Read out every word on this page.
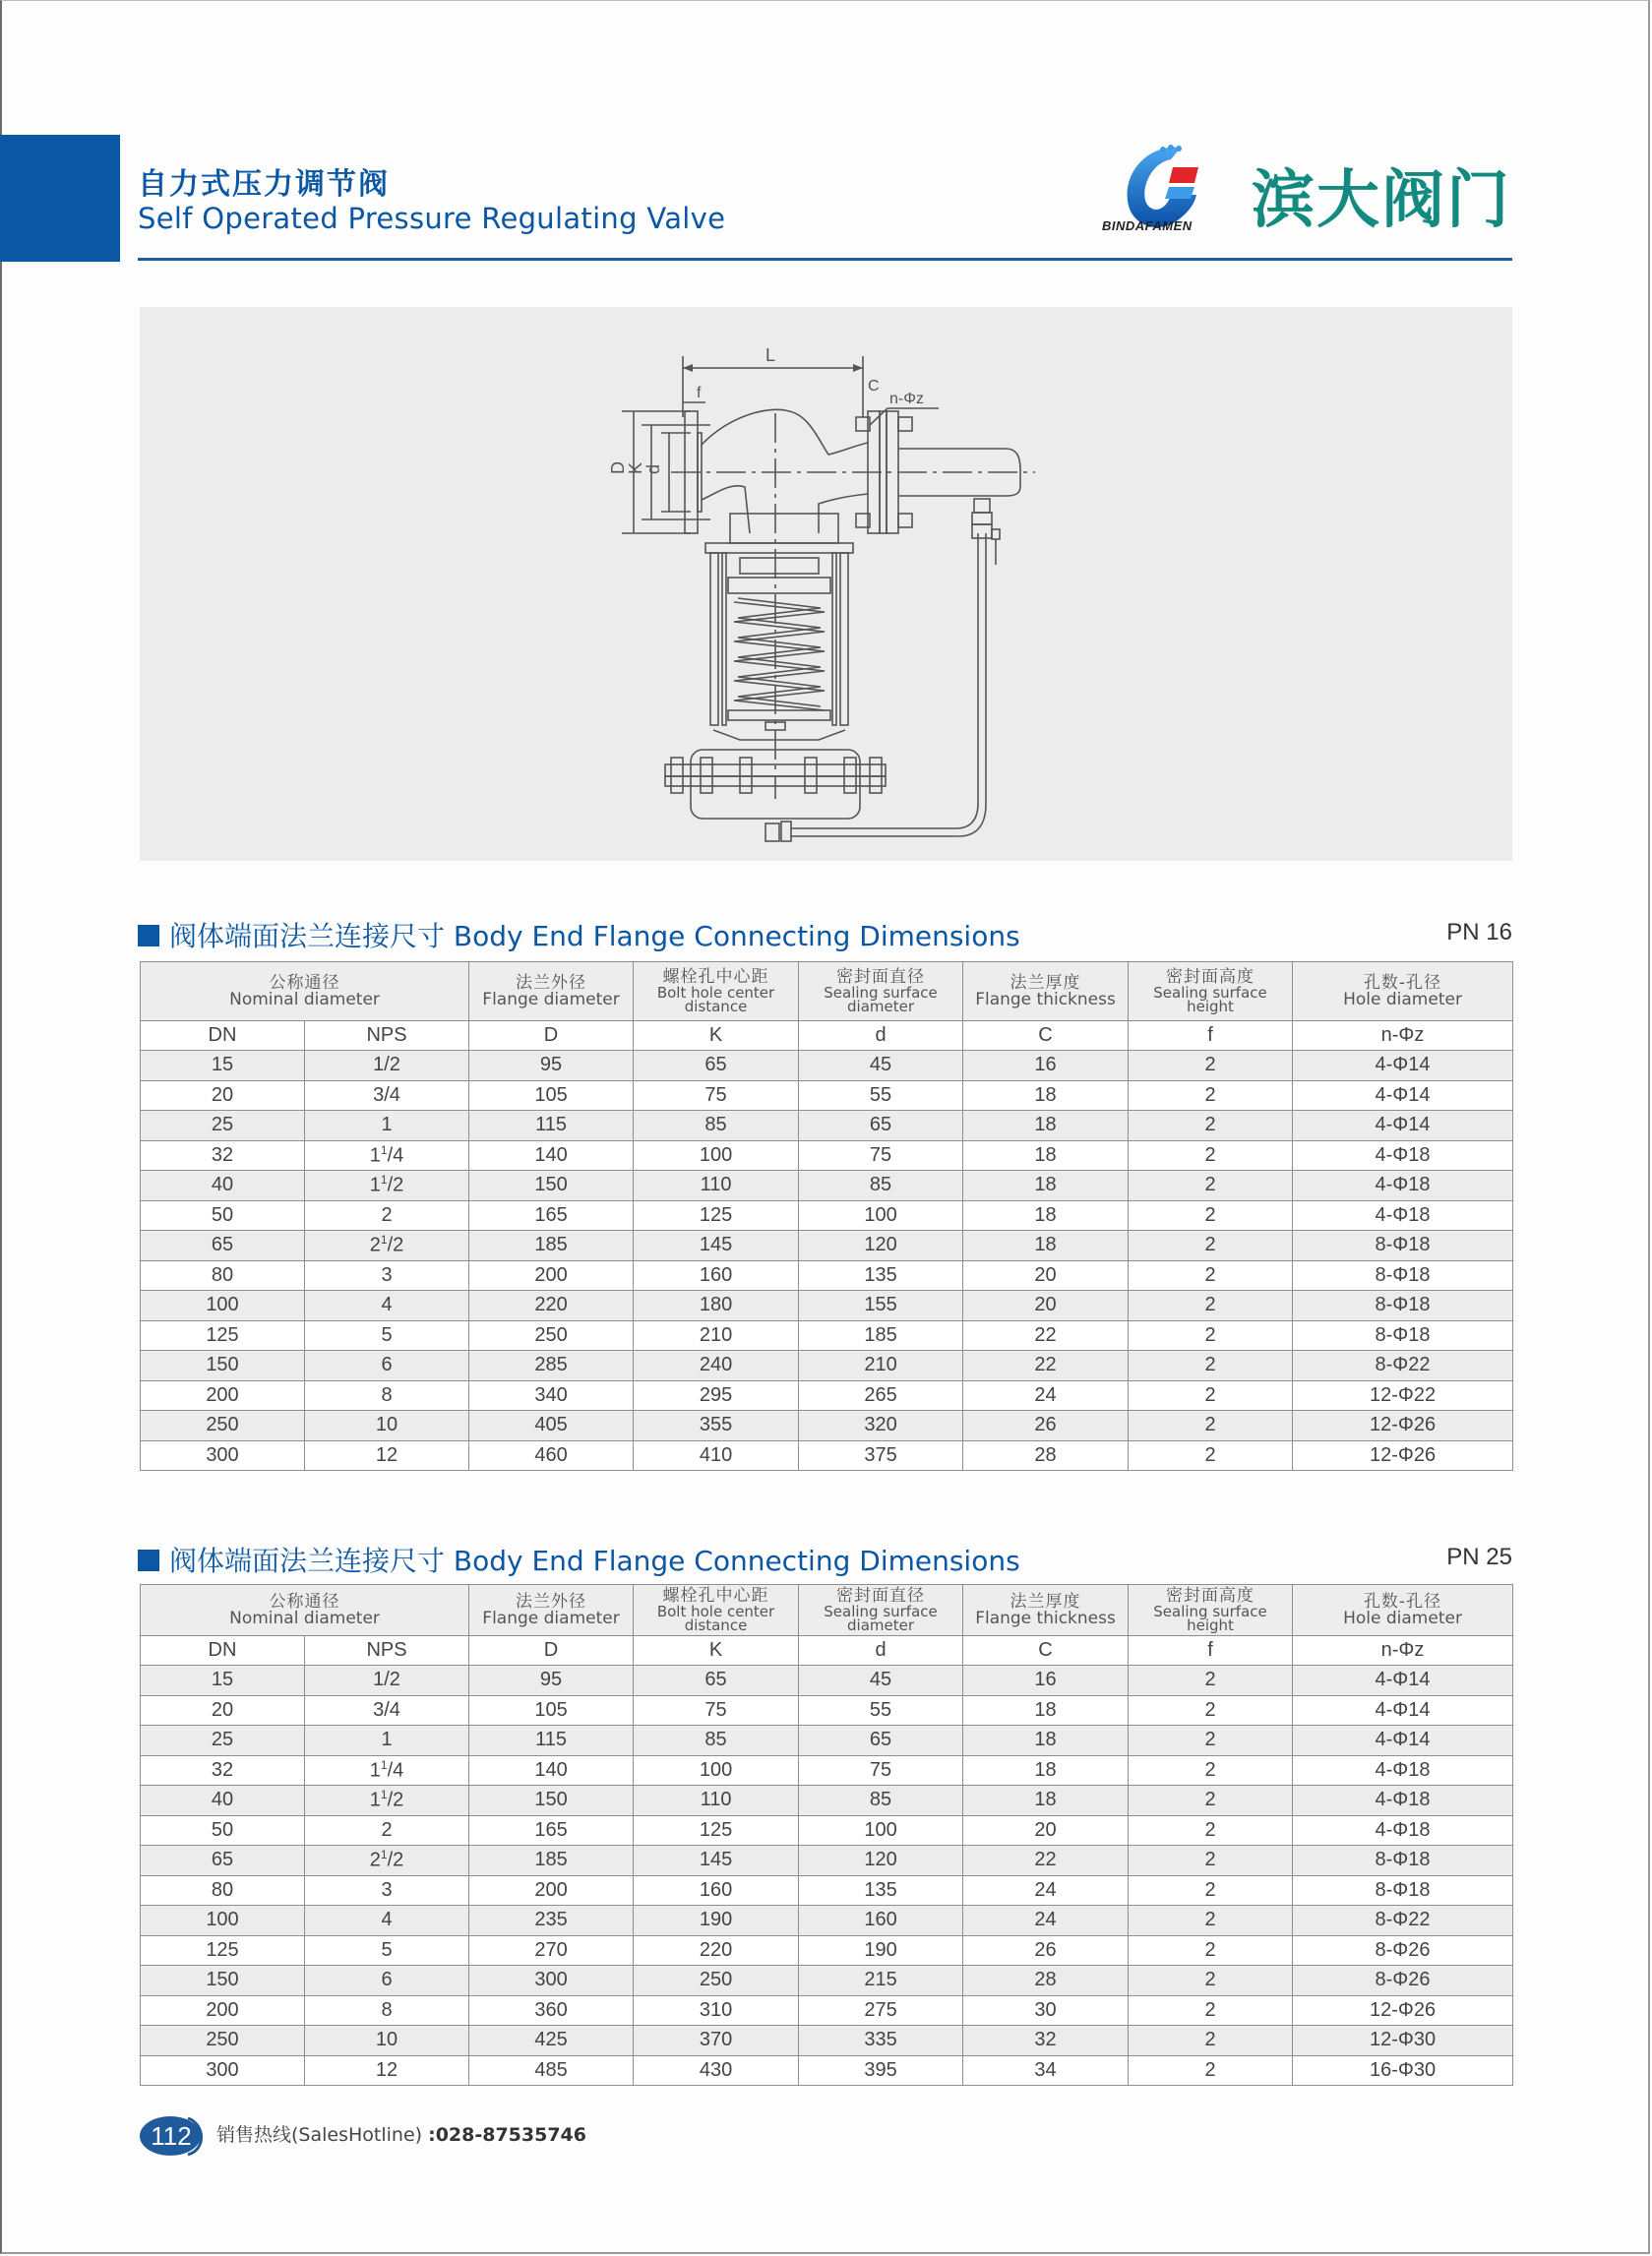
自力式压力调节阀
Self Operated Pressure Regulating Valve	BINDAFAMEN 滨大阀门
L
f	C
n-Φz
D
K
d
阀体端面法兰连接尺寸 Body End Flange Connecting Dimensions	PN 16
公称通径
Nominal diameter		法兰外径
Flange diameter	螺栓孔中心距
Bolt hole center distance	密封面直径
Sealing surface diameter	法兰厚度
Flange thickness	密封面高度
Sealing surface height	孔数-孔径
Hole diameter

DN	NPS	D	K	d	C	f	n-Φz
15	1/2	95	65	45	16	2	4-Φ14
20	3/4	105	75	55	18	2	4-Φ14
25	1	115	85	65	18	2	4-Φ14
32	$1^1/4$	140	100	75	18	2	4-Φ18
40	$1^1/2$	150	110	85	18	2	4-Φ18
50	2	165	125	100	18	2	4-Φ18
65	$2^1/2$	185	145	120	18	2	8-Φ18
80	3	200	160	135	20	2	8-Φ18
100	4	220	180	155	20	2	8-Φ18
125	5	250	210	185	22	2	8-Φ18
150	6	285	240	210	22	2	8-Φ22
200	8	340	295	265	24	2	12-Φ22
250	10	405	355	320	26	2	12-Φ26
300	12	460	410	375	28	2	12-Φ26
阀体端面法兰连接尺寸 Body End Flange Connecting Dimensions	PN 25
公称通径
Nominal diameter		法兰外径
Flange diameter	螺栓孔中心距
Bolt hole center distance	密封面直径
Sealing surface diameter	法兰厚度
Flange thickness	密封面高度
Sealing surface height	孔数-孔径
Hole diameter

DN	NPS	D	K	d	C	f	n-Φz
15	1/2	95	65	45	16	2	4-Φ14
20	3/4	105	75	55	18	2	4-Φ14
25	1	115	85	65	18	2	4-Φ14
32	$1^1/4$	140	100	75	18	2	4-Φ18
40	$1^1/2$	150	110	85	18	2	4-Φ18
50	2	165	125	100	20	2	4-Φ18
65	$2^1/2$	185	145	120	22	2	8-Φ18
80	3	200	160	135	24	2	8-Φ18
100	4	235	190	160	24	2	8-Φ22
125	5	270	220	190	26	2	8-Φ26
150	6	300	250	215	28	2	8-Φ26
200	8	360	310	275	30	2	12-Φ26
250	10	425	370	335	32	2	12-Φ30
300	12	485	430	395	34	2	16-Φ30
112	销售热线(SalesHotline) :028-87535746
